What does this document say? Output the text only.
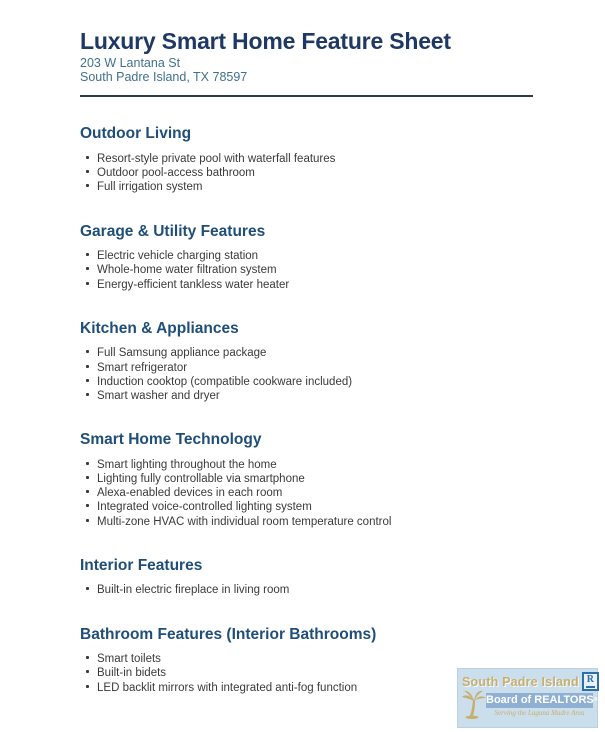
Luxury Smart Home Feature Sheet
203 W Lantana St
South Padre Island, TX 78597
Outdoor Living
Resort-style private pool with waterfall features
Outdoor pool-access bathroom
Full irrigation system
Garage & Utility Features
Electric vehicle charging station
Whole-home water filtration system
Energy-efficient tankless water heater
Kitchen & Appliances
Full Samsung appliance package
Smart refrigerator
Induction cooktop (compatible cookware included)
Smart washer and dryer
Smart Home Technology
Smart lighting throughout the home
Lighting fully controllable via smartphone
Alexa-enabled devices in each room
Integrated voice-controlled lighting system
Multi-zone HVAC with individual room temperature control
Interior Features
Built-in electric fireplace in living room
Bathroom Features (Interior Bathrooms)
Smart toilets
Built-in bidets
LED backlit mirrors with integrated anti-fog function	South Padre Island R
Board of REALTORS®
Serving the Laguna Madre Area
